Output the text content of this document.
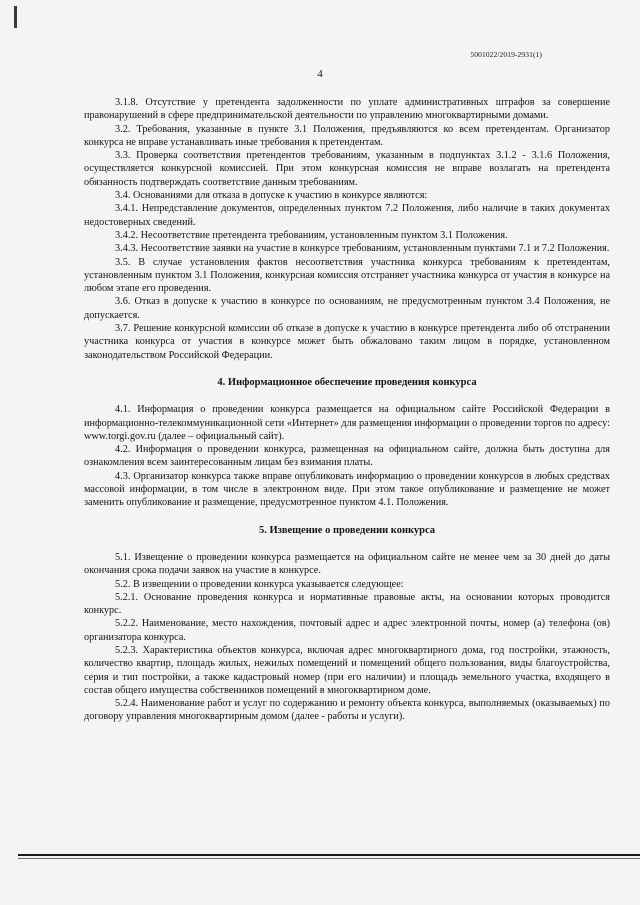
5001022/2019-2931(1)
4

3.1.8. Отсутствие у претендента задолженности по уплате административных штрафов за совершение правонарушений в сфере предпринимательской деятельности по управлению многоквартирными домами.

3.2. Требования, указанные в пункте 3.1 Положения, предъявляются ко всем претендентам. Организатор конкурса не вправе устанавливать иные требования к претендентам.

3.3. Проверка соответствия претендентов требованиям, указанным в подпунктах 3.1.2 - 3.1.6 Положения, осуществляется конкурсной комиссией. При этом конкурсная комиссия не вправе возлагать на претендента обязанность подтверждать соответствие данным требованиям.

3.4. Основаниями для отказа в допуске к участию в конкурсе являются:

3.4.1. Непредставление документов, определенных пунктом 7.2 Положения, либо наличие в таких документах недостоверных сведений.

3.4.2. Несоответствие претендента требованиям, установленным пунктом 3.1 Положения.

3.4.3. Несоответствие заявки на участие в конкурсе требованиям, установленным пунктами 7.1 и 7.2 Положения.

3.5. В случае установления фактов несоответствия участника конкурса требованиям к претендентам, установленным пунктом 3.1 Положения, конкурсная комиссия отстраняет участника конкурса от участия в конкурсе на любом этапе его проведения.

3.6. Отказ в допуске к участию в конкурсе по основаниям, не предусмотренным пунктом 3.4 Положения, не допускается.

3.7. Решение конкурсной комиссии об отказе в допуске к участию в конкурсе претендента либо об отстранении участника конкурса от участия в конкурсе может быть обжаловано таким лицом в порядке, установленном законодательством Российской Федерации.

4. Информационное обеспечение проведения конкурса

4.1. Информация о проведении конкурса размещается на официальном сайте Российской Федерации в информационно-телекоммуникационной сети «Интернет» для размещения информации о проведении торгов по адресу: www.torgi.gov.ru (далее – официальный сайт).

4.2. Информация о проведении конкурса, размещенная на официальном сайте, должна быть доступна для ознакомления всем заинтересованным лицам без взимания платы.

4.3. Организатор конкурса также вправе опубликовать информацию о проведении конкурсов в любых средствах массовой информации, в том числе в электронном виде. При этом такое опубликование и размещение не может заменить опубликование и размещение, предусмотренное пунктом 4.1. Положения.

5. Извещение о проведении конкурса

5.1. Извещение о проведении конкурса размещается на официальном сайте не менее чем за 30 дней до даты окончания срока подачи заявок на участие в конкурсе.

5.2. В извещении о проведении конкурса указывается следующее:

5.2.1. Основание проведения конкурса и нормативные правовые акты, на основании которых проводится конкурс.

5.2.2. Наименование, место нахождения, почтовый адрес и адрес электронной почты, номер (а) телефона (ов) организатора конкурса.

5.2.3. Характеристика объектов конкурса, включая адрес многоквартирного дома, год постройки, этажность, количество квартир, площадь жилых, нежилых помещений и помещений общего пользования, виды благоустройства, серия и тип постройки, а также кадастровый номер (при его наличии) и площадь земельного участка, входящего в состав общего имущества собственников помещений в многоквартирном доме.

5.2.4. Наименование работ и услуг по содержанию и ремонту объекта конкурса, выполняемых (оказываемых) по договору управления многоквартирным домом (далее - работы и услуги).
